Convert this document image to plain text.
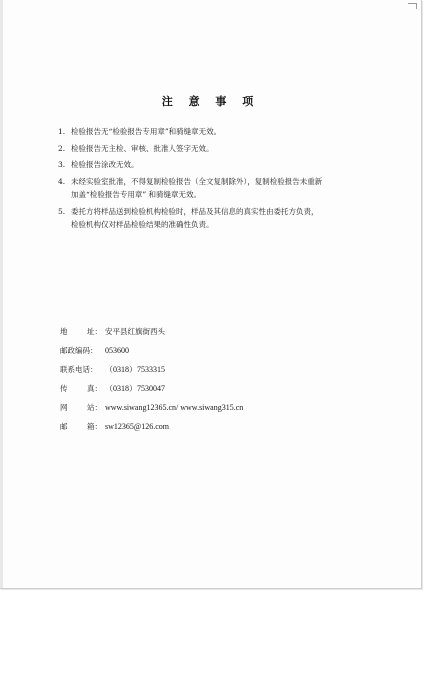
注 意 事 项
1. 检验报告无“检验报告专用章”和骑缝章无效。
2. 检验报告无主检、审核、批准人签字无效。
3. 检验报告涂改无效。
4. 未经实验室批准，不得复制检验报告（全文复制除外），复制检验报告未重新
加盖“检验报告专用章” 和骑缝章无效。
5. 委托方将样品送到检验机构检验时，样品及其信息的真实性由委托方负责，
检验机构仅对样品检验结果的准确性负责。
地	址： 安平县红旗街西头
邮政编码： 053600
联系电话： （0318）7533315
传	真： （0318）7530047
网	站： www.siwang12365.cn/ www.siwang315.cn
邮	箱： sw12365@126.com
